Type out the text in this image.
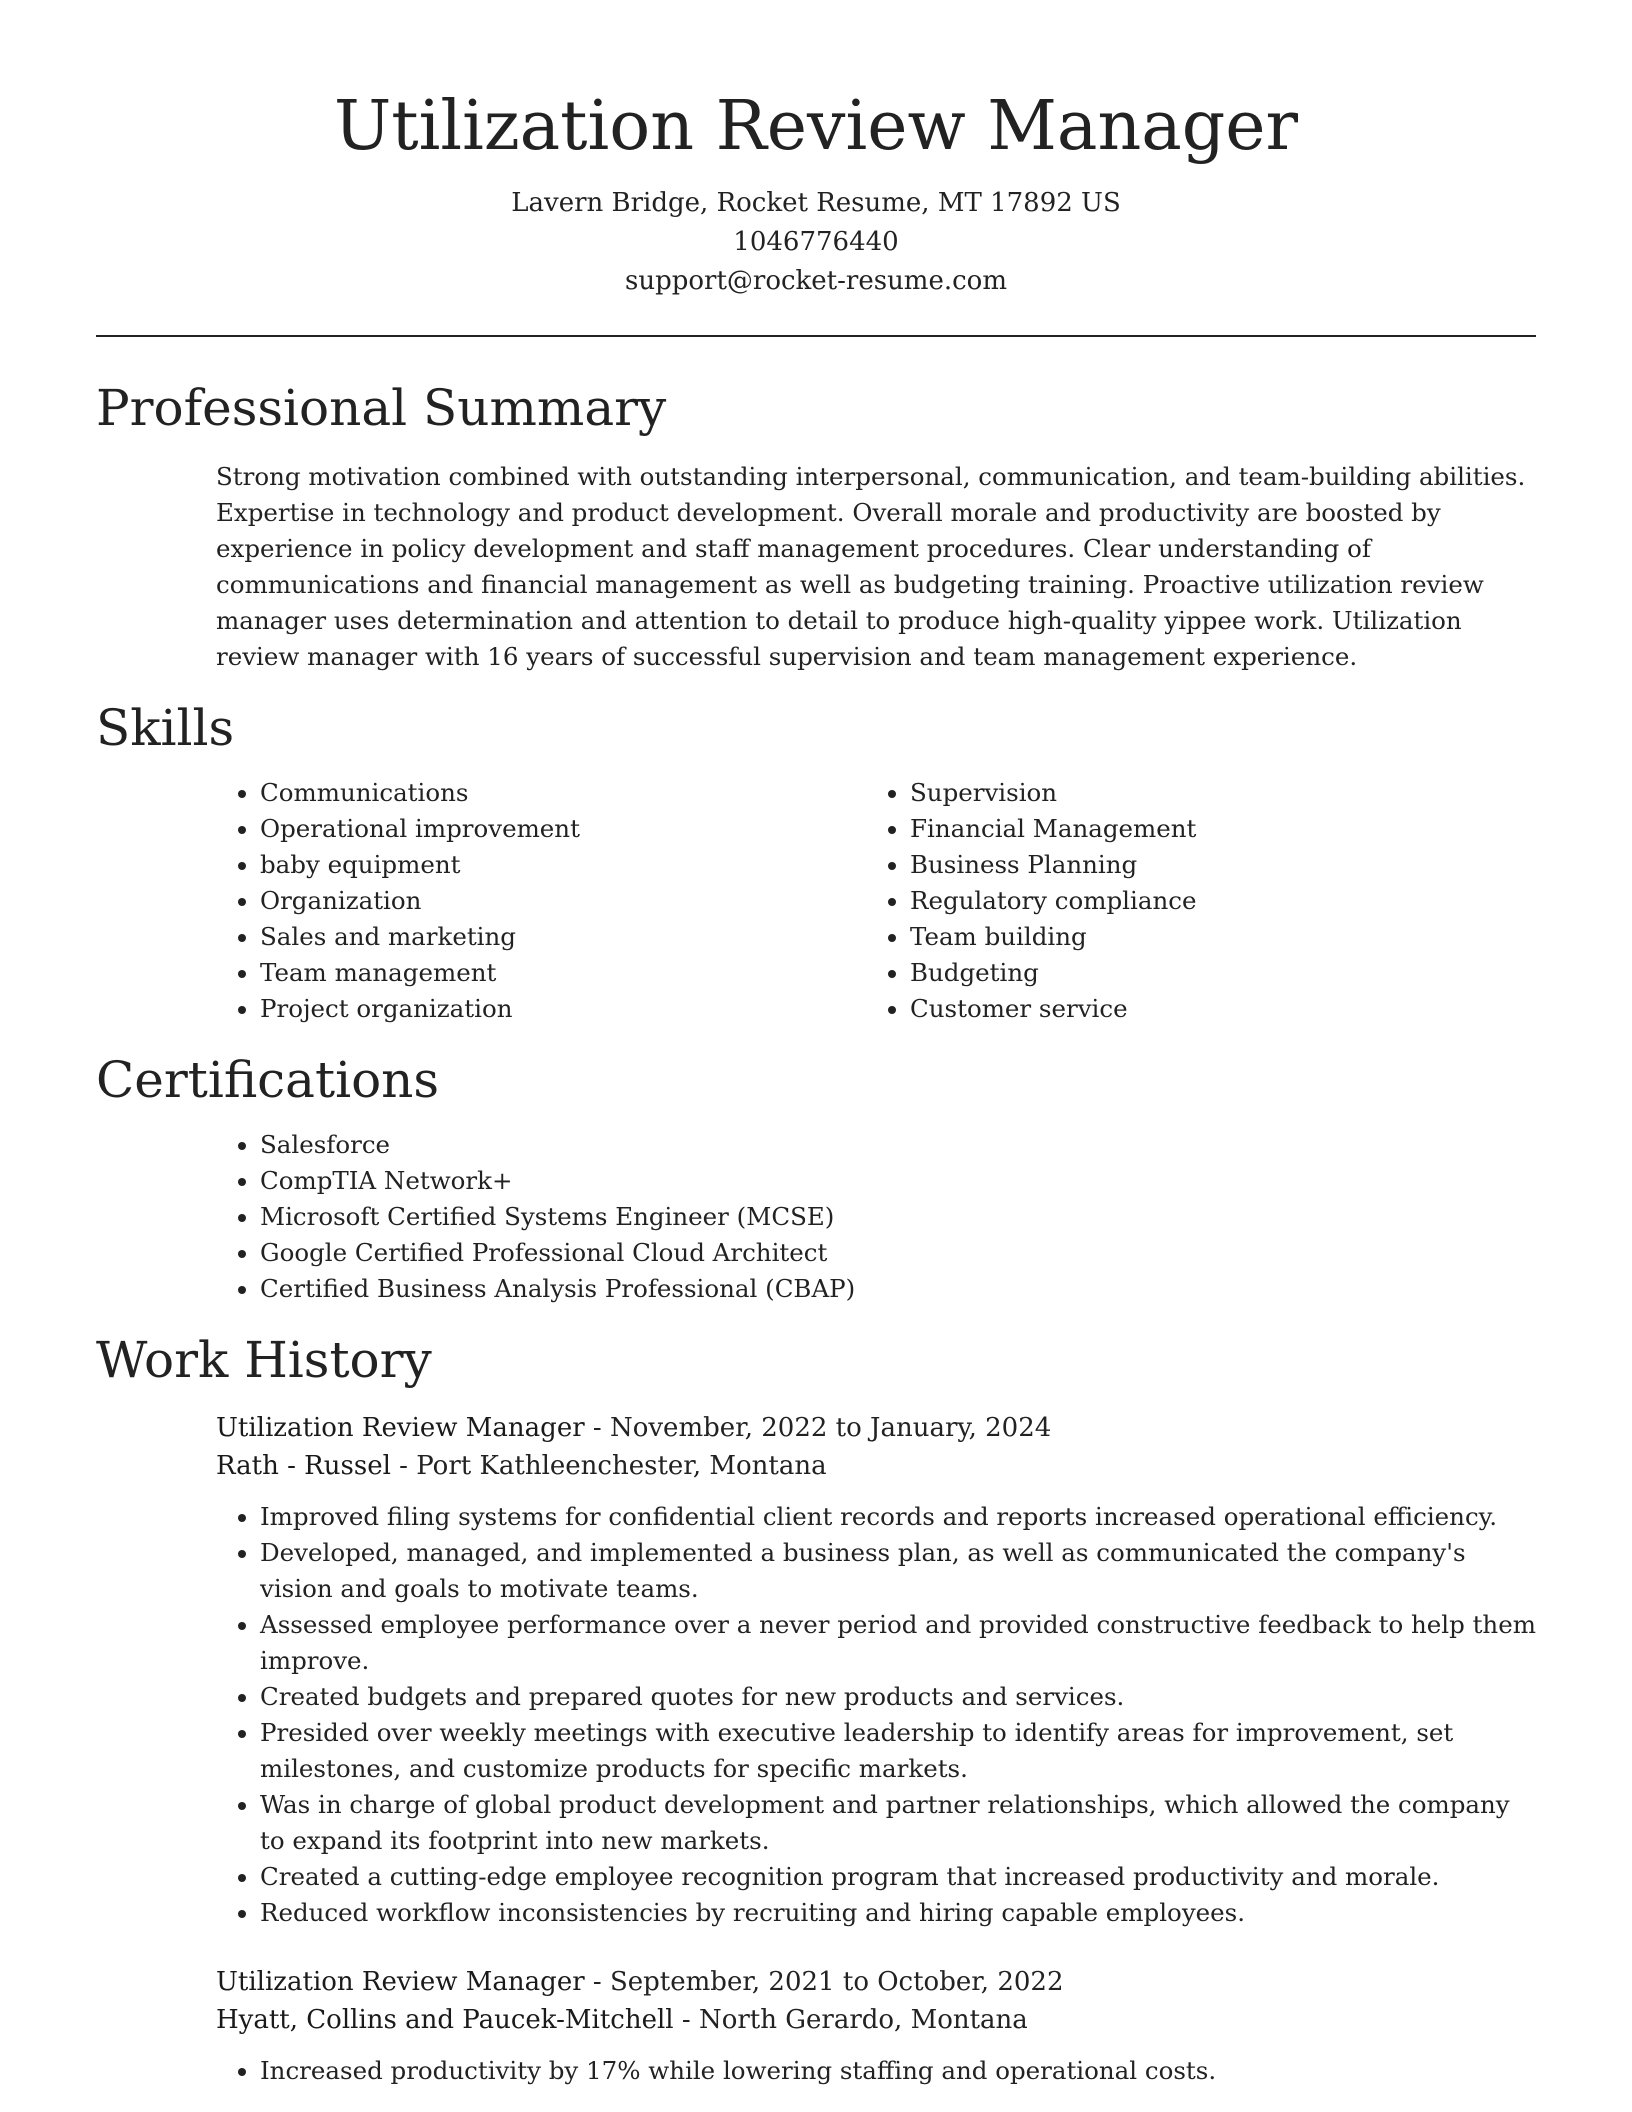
Utilization Review Manager
Lavern Bridge, Rocket Resume, MT 17892 US
1046776440
support@rocket-resume.com
Professional Summary
Strong motivation combined with outstanding interpersonal, communication, and team-building abilities. Expertise in technology and product development. Overall morale and productivity are boosted by experience in policy development and staff management procedures. Clear understanding of communications and financial management as well as budgeting training. Proactive utilization review manager uses determination and attention to detail to produce high-quality yippee work. Utilization review manager with 16 years of successful supervision and team management experience.
Skills
• Communications
• Operational improvement
• baby equipment
• Organization
• Sales and marketing
• Team management
• Project organization
• Supervision
• Financial Management
• Business Planning
• Regulatory compliance
• Team building
• Budgeting
• Customer service
Certifications
• Salesforce
• CompTIA Network+
• Microsoft Certified Systems Engineer (MCSE)
• Google Certified Professional Cloud Architect
• Certified Business Analysis Professional (CBAP)
Work History
Utilization Review Manager - November, 2022 to January, 2024
Rath - Russel - Port Kathleenchester, Montana
• Improved filing systems for confidential client records and reports increased operational efficiency.
• Developed, managed, and implemented a business plan, as well as communicated the company's vision and goals to motivate teams.
• Assessed employee performance over a never period and provided constructive feedback to help them improve.
• Created budgets and prepared quotes for new products and services.
• Presided over weekly meetings with executive leadership to identify areas for improvement, set milestones, and customize products for specific markets.
• Was in charge of global product development and partner relationships, which allowed the company to expand its footprint into new markets.
• Created a cutting-edge employee recognition program that increased productivity and morale.
• Reduced workflow inconsistencies by recruiting and hiring capable employees.
Utilization Review Manager - September, 2021 to October, 2022
Hyatt, Collins and Paucek-Mitchell - North Gerardo, Montana
• Increased productivity by 17% while lowering staffing and operational costs.
